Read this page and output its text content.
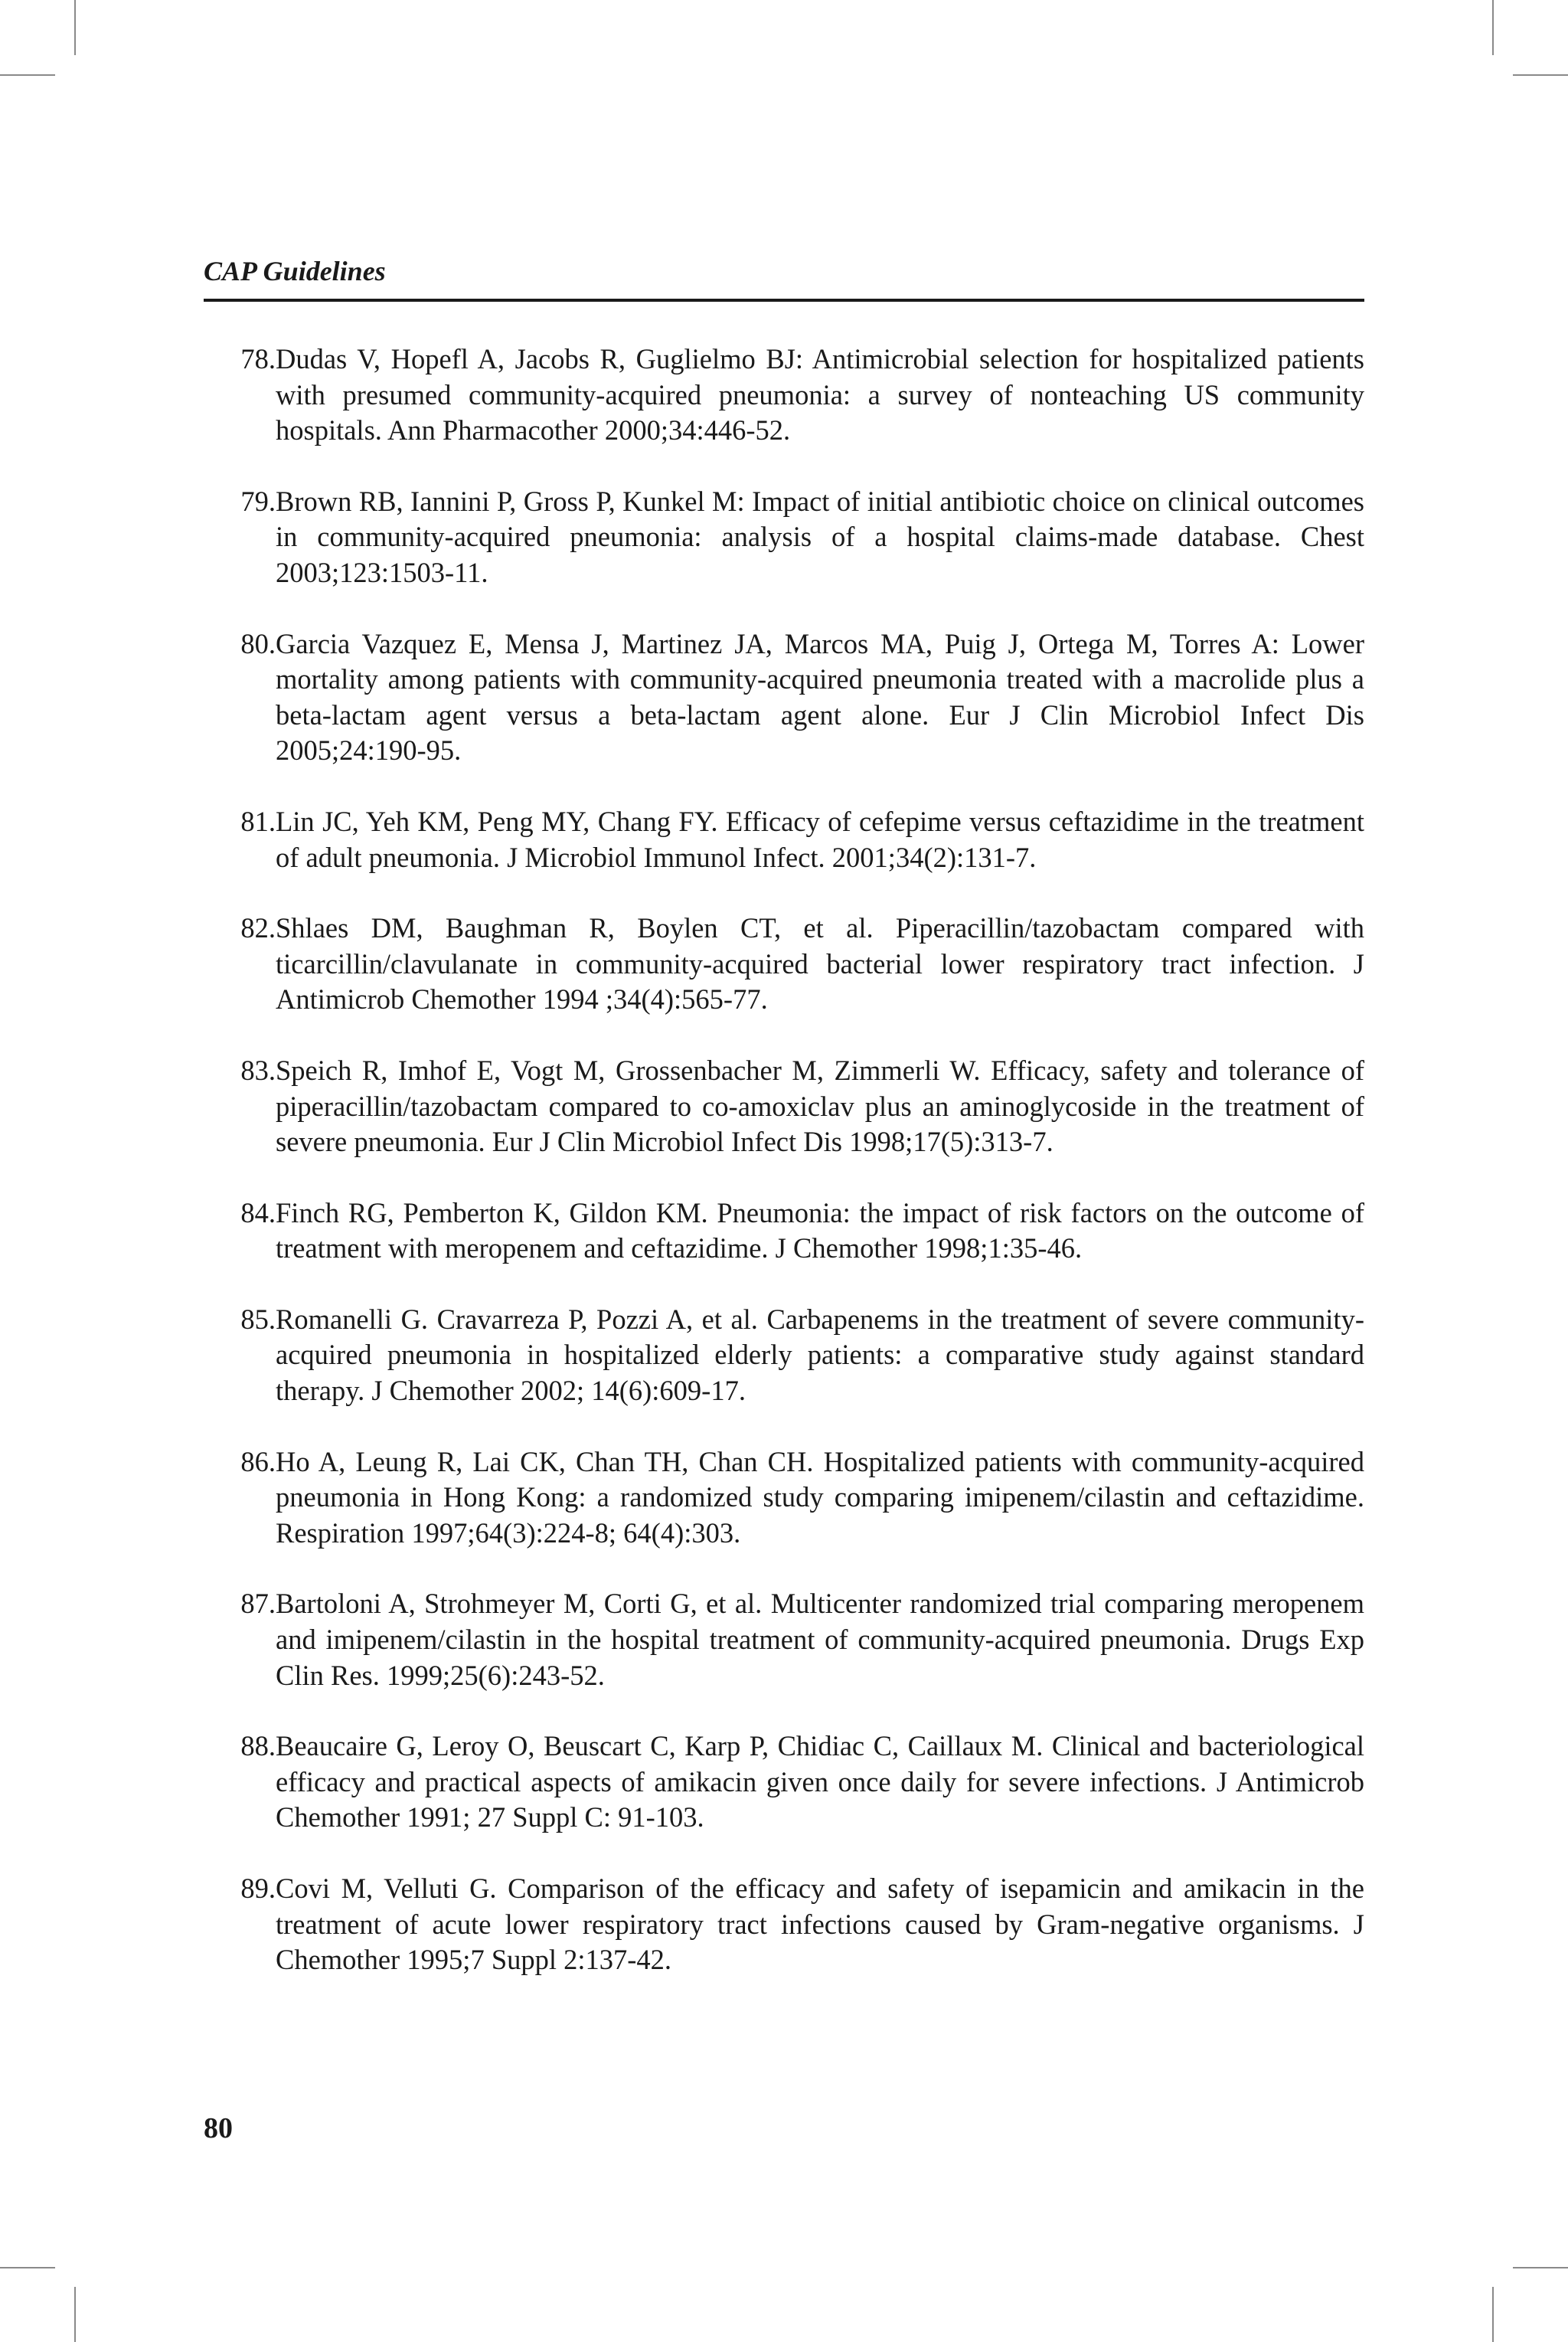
CAP Guidelines
78. Dudas V, Hopefl A, Jacobs R, Guglielmo BJ: Antimicrobial selection for hospitalized patients with presumed community-acquired pneumonia: a survey of nonteaching US community hospitals. Ann Pharmacother 2000;34:446-52.
79. Brown RB, Iannini P, Gross P, Kunkel M: Impact of initial antibiotic choice on clinical outcomes in community-acquired pneumonia: analysis of a hospital claims-made database. Chest 2003;123:1503-11.
80. Garcia Vazquez E, Mensa J, Martinez JA, Marcos MA, Puig J, Ortega M, Torres A: Lower mortality among patients with community-acquired pneumonia treated with a macrolide plus a beta-lactam agent versus a beta-lactam agent alone. Eur J Clin Microbiol Infect Dis 2005;24:190-95.
81. Lin JC, Yeh KM, Peng MY, Chang FY. Efficacy of cefepime versus ceftazidime in the treatment of adult pneumonia. J Microbiol Immunol Infect. 2001;34(2):131-7.
82. Shlaes DM, Baughman R, Boylen CT, et al. Piperacillin/tazobactam compared with ticarcillin/clavulanate in community-acquired bacterial lower respiratory tract infection. J Antimicrob Chemother 1994 ;34(4):565-77.
83. Speich R, Imhof E, Vogt M, Grossenbacher M, Zimmerli W. Efficacy, safety and tolerance of piperacillin/tazobactam compared to co-amoxiclav plus an aminoglycoside in the treatment of severe pneumonia. Eur J Clin Microbiol Infect Dis 1998;17(5):313-7.
84. Finch RG, Pemberton K, Gildon KM. Pneumonia: the impact of risk factors on the outcome of treatment with meropenem and ceftazidime. J Chemother 1998;1:35-46.
85. Romanelli G. Cravarreza P, Pozzi A, et al. Carbapenems in the treatment of severe community-acquired pneumonia in hospitalized elderly patients: a comparative study against standard therapy. J Chemother 2002; 14(6):609-17.
86. Ho A, Leung R, Lai CK, Chan TH, Chan CH. Hospitalized patients with community-acquired pneumonia in Hong Kong: a randomized study comparing imipenem/cilastin and ceftazidime. Respiration 1997;64(3):224-8; 64(4):303.
87. Bartoloni A, Strohmeyer M, Corti G, et al. Multicenter randomized trial comparing meropenem and imipenem/cilastin in the hospital treatment of community-acquired pneumonia. Drugs Exp Clin Res. 1999;25(6):243-52.
88. Beaucaire G, Leroy O, Beuscart C, Karp P, Chidiac C, Caillaux M. Clinical and bacteriological efficacy and practical aspects of amikacin given once daily for severe infections. J Antimicrob Chemother 1991; 27 Suppl C: 91-103.
89. Covi M, Velluti G. Comparison of the efficacy and safety of isepamicin and amikacin in the treatment of acute lower respiratory tract infections caused by Gram-negative organisms. J Chemother 1995;7 Suppl 2:137-42.
80
